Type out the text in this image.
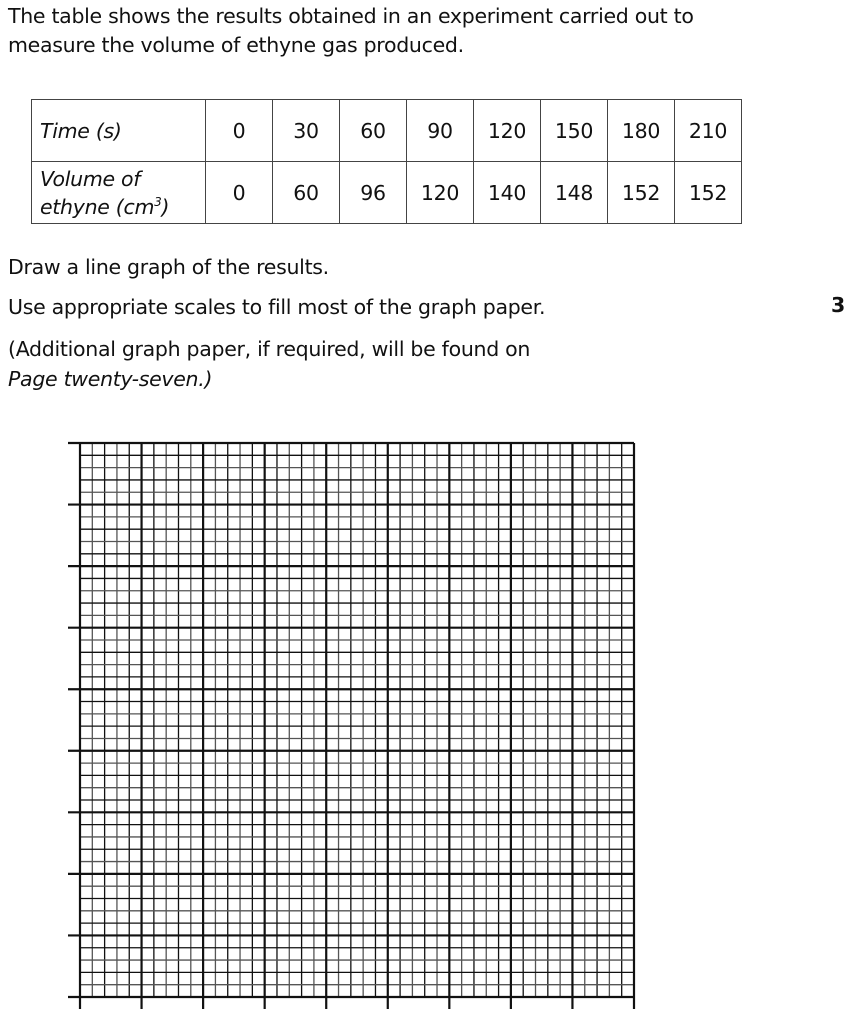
The table shows the results obtained in an experiment carried out to
measure the volume of ethyne gas produced.
Time (s)	0	30	60	90	120	150	180	210
Volume of
ethyne $(cm^3)$	0	60	96	120	140	148	152	152
Draw a line graph of the results.
Use appropriate scales to fill most of the graph paper.	3
(Additional graph paper, if required, will be found on
Page twenty-seven.)
